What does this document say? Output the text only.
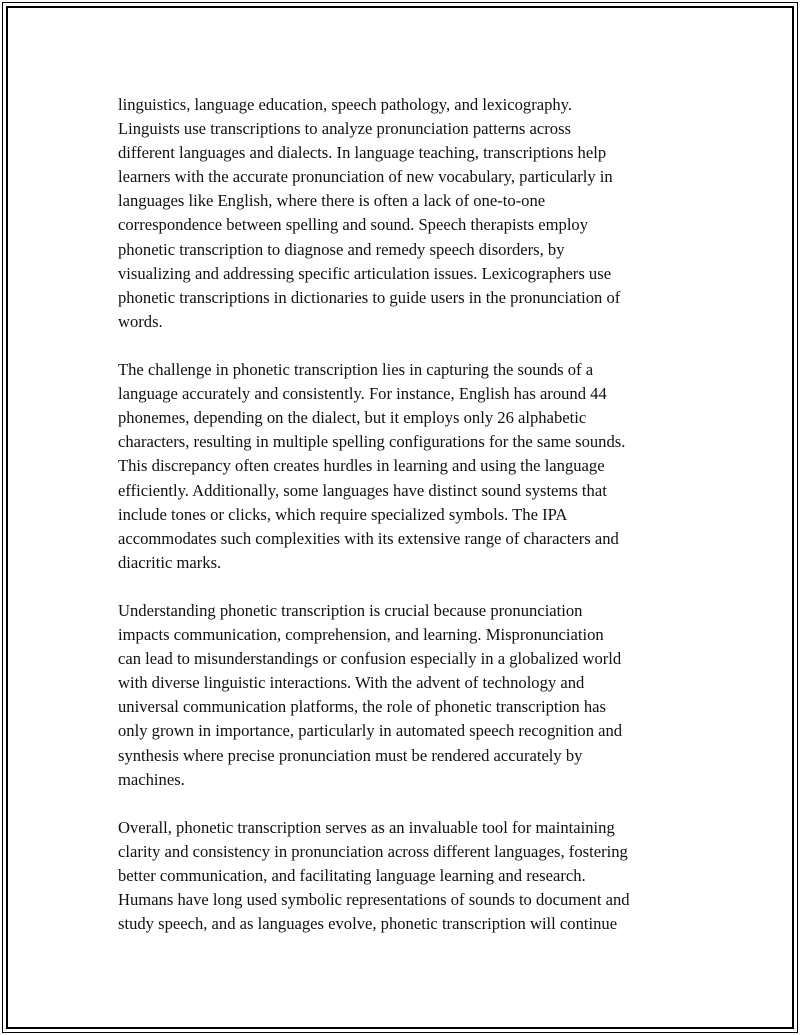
linguistics, language education, speech pathology, and lexicography.
Linguists use transcriptions to analyze pronunciation patterns across
different languages and dialects. In language teaching, transcriptions help
learners with the accurate pronunciation of new vocabulary, particularly in
languages like English, where there is often a lack of one-to-one
correspondence between spelling and sound. Speech therapists employ
phonetic transcription to diagnose and remedy speech disorders, by
visualizing and addressing specific articulation issues. Lexicographers use
phonetic transcriptions in dictionaries to guide users in the pronunciation of
words.

The challenge in phonetic transcription lies in capturing the sounds of a
language accurately and consistently. For instance, English has around 44
phonemes, depending on the dialect, but it employs only 26 alphabetic
characters, resulting in multiple spelling configurations for the same sounds.
This discrepancy often creates hurdles in learning and using the language
efficiently. Additionally, some languages have distinct sound systems that
include tones or clicks, which require specialized symbols. The IPA
accommodates such complexities with its extensive range of characters and
diacritic marks.

Understanding phonetic transcription is crucial because pronunciation
impacts communication, comprehension, and learning. Mispronunciation
can lead to misunderstandings or confusion especially in a globalized world
with diverse linguistic interactions. With the advent of technology and
universal communication platforms, the role of phonetic transcription has
only grown in importance, particularly in automated speech recognition and
synthesis where precise pronunciation must be rendered accurately by
machines.

Overall, phonetic transcription serves as an invaluable tool for maintaining
clarity and consistency in pronunciation across different languages, fostering
better communication, and facilitating language learning and research.
Humans have long used symbolic representations of sounds to document and
study speech, and as languages evolve, phonetic transcription will continue
